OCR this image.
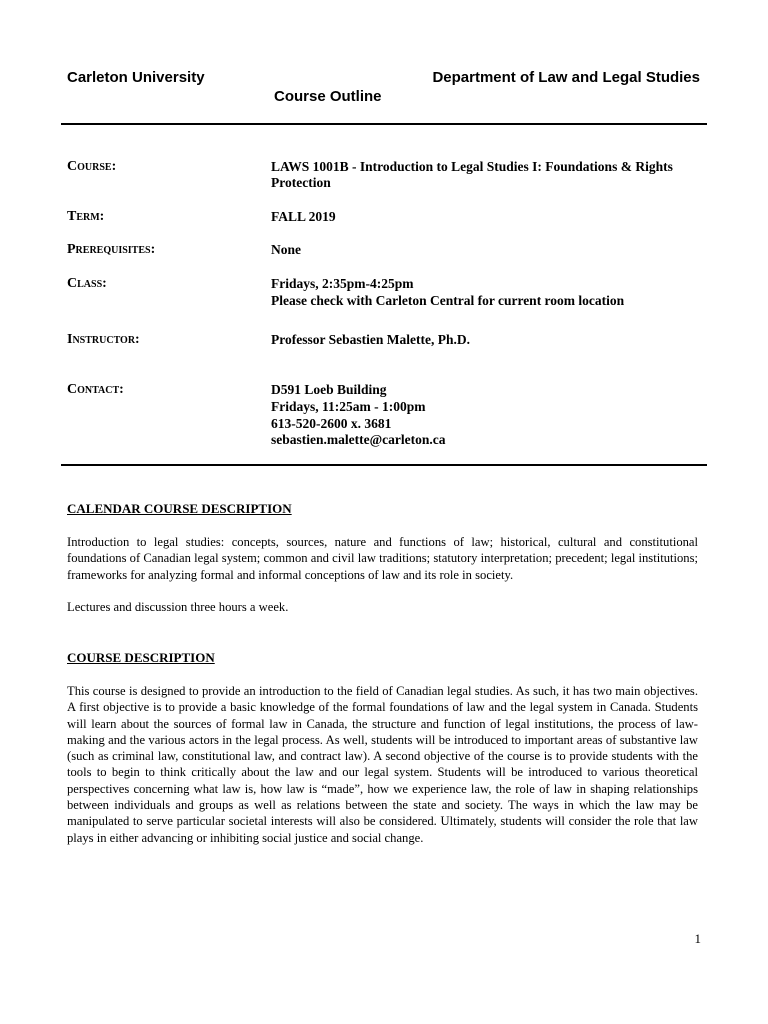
Carleton University	Department of Law and Legal Studies
Course Outline
Course:	LAWS 1001B - Introduction to Legal Studies I: Foundations & Rights Protection
Term:	FALL 2019
Prerequisites:	None
Class:	Fridays, 2:35pm-4:25pm
Please check with Carleton Central for current room location
Instructor:	Professor Sebastien Malette, Ph.D.
Contact:	D591 Loeb Building
Fridays, 11:25am - 1:00pm
613-520-2600 x. 3681
sebastien.malette@carleton.ca
CALENDAR COURSE DESCRIPTION
Introduction to legal studies: concepts, sources, nature and functions of law; historical, cultural and constitutional foundations of Canadian legal system; common and civil law traditions; statutory interpretation; precedent; legal institutions; frameworks for analyzing formal and informal conceptions of law and its role in society.
Lectures and discussion three hours a week.
COURSE DESCRIPTION
This course is designed to provide an introduction to the field of Canadian legal studies. As such, it has two main objectives. A first objective is to provide a basic knowledge of the formal foundations of law and the legal system in Canada. Students will learn about the sources of formal law in Canada, the structure and function of legal institutions, the process of law-making and the various actors in the legal process. As well, students will be introduced to important areas of substantive law (such as criminal law, constitutional law, and contract law). A second objective of the course is to provide students with the tools to begin to think critically about the law and our legal system. Students will be introduced to various theoretical perspectives concerning what law is, how law is “made”, how we experience law, the role of law in shaping relationships between individuals and groups as well as relations between the state and society. The ways in which the law may be manipulated to serve particular societal interests will also be considered. Ultimately, students will consider the role that law plays in either advancing or inhibiting social justice and social change.
1
